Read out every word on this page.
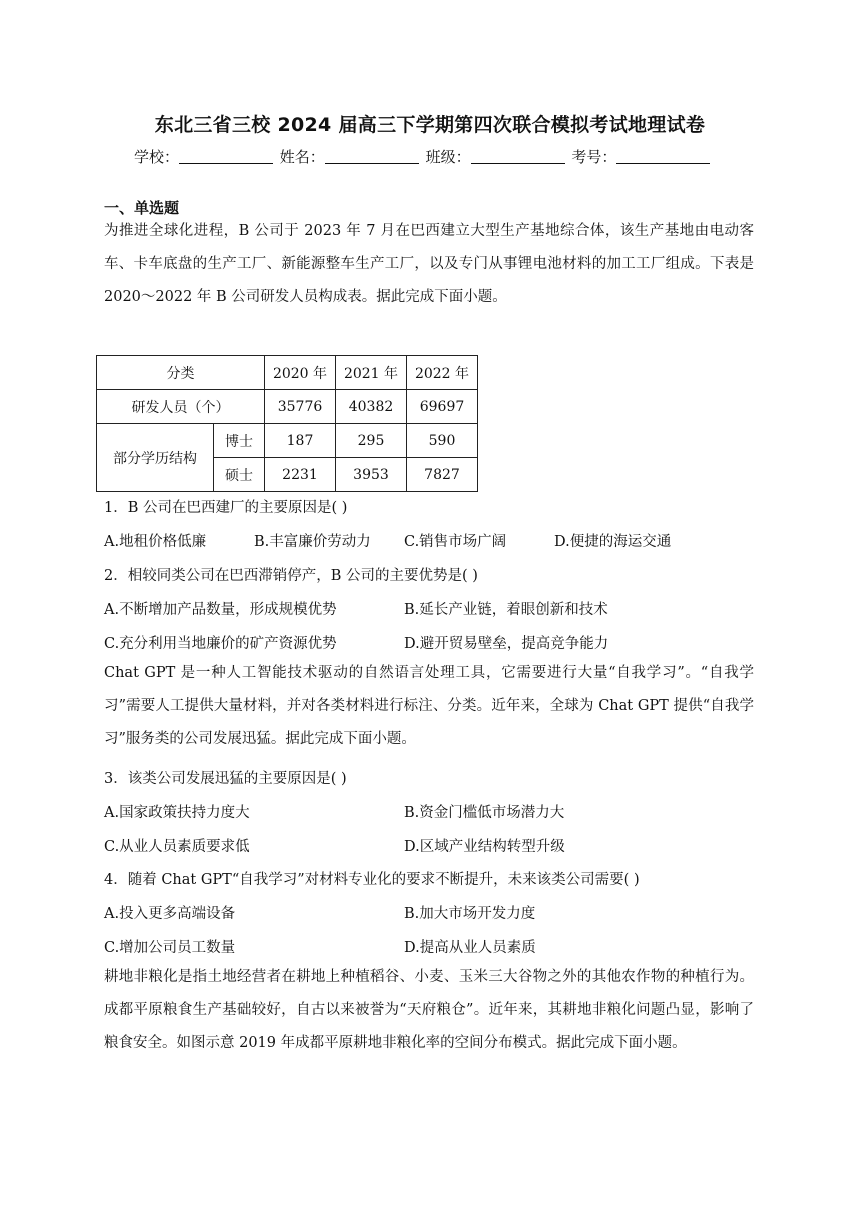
东北三省三校 2024 届高三下学期第四次联合模拟考试地理试卷
学校：	姓名：	班级：	考号：
一、单选题
为推进全球化进程，B 公司于 2023 年 7 月在巴西建立大型生产基地综合体，该生产基地由电动客车、卡车底盘的生产工厂、新能源整车生产工厂，以及专门从事锂电池材料的加工工厂组成。下表是 2020～2022 年 B 公司研发人员构成表。据此完成下面小题。
分类		2020 年	2021 年	2022 年
研发人员（个）		35776	40382	69697
部分学历结构	博士	187	295	590
	硕士	2231	3953	7827
1．B 公司在巴西建厂的主要原因是( )
A.地租价格低廉	B.丰富廉价劳动力 C.销售市场广阔	D.便捷的海运交通
2．相较同类公司在巴西滞销停产，B 公司的主要优势是( )
A.不断增加产品数量，形成规模优势	B.延长产业链，着眼创新和技术
C.充分利用当地廉价的矿产资源优势	D.避开贸易壁垒，提高竞争能力
Chat GPT 是一种人工智能技术驱动的自然语言处理工具，它需要进行大量“自我学习”。“自我学习”需要人工提供大量材料，并对各类材料进行标注、分类。近年来，全球为 Chat GPT 提供“自我学习”服务类的公司发展迅猛。据此完成下面小题。
3．该类公司发展迅猛的主要原因是( )
A.国家政策扶持力度大	B.资金门槛低市场潜力大
C.从业人员素质要求低	D.区域产业结构转型升级
4．随着 Chat GPT“自我学习”对材料专业化的要求不断提升，未来该类公司需要( )
A.投入更多高端设备	B.加大市场开发力度
C.增加公司员工数量	D.提高从业人员素质
耕地非粮化是指土地经营者在耕地上种植稻谷、小麦、玉米三大谷物之外的其他农作物的种植行为。成都平原粮食生产基础较好，自古以来被誉为“天府粮仓”。近年来，其耕地非粮化问题凸显，影响了粮食安全。如图示意 2019 年成都平原耕地非粮化率的空间分布模式。据此完成下面小题。
